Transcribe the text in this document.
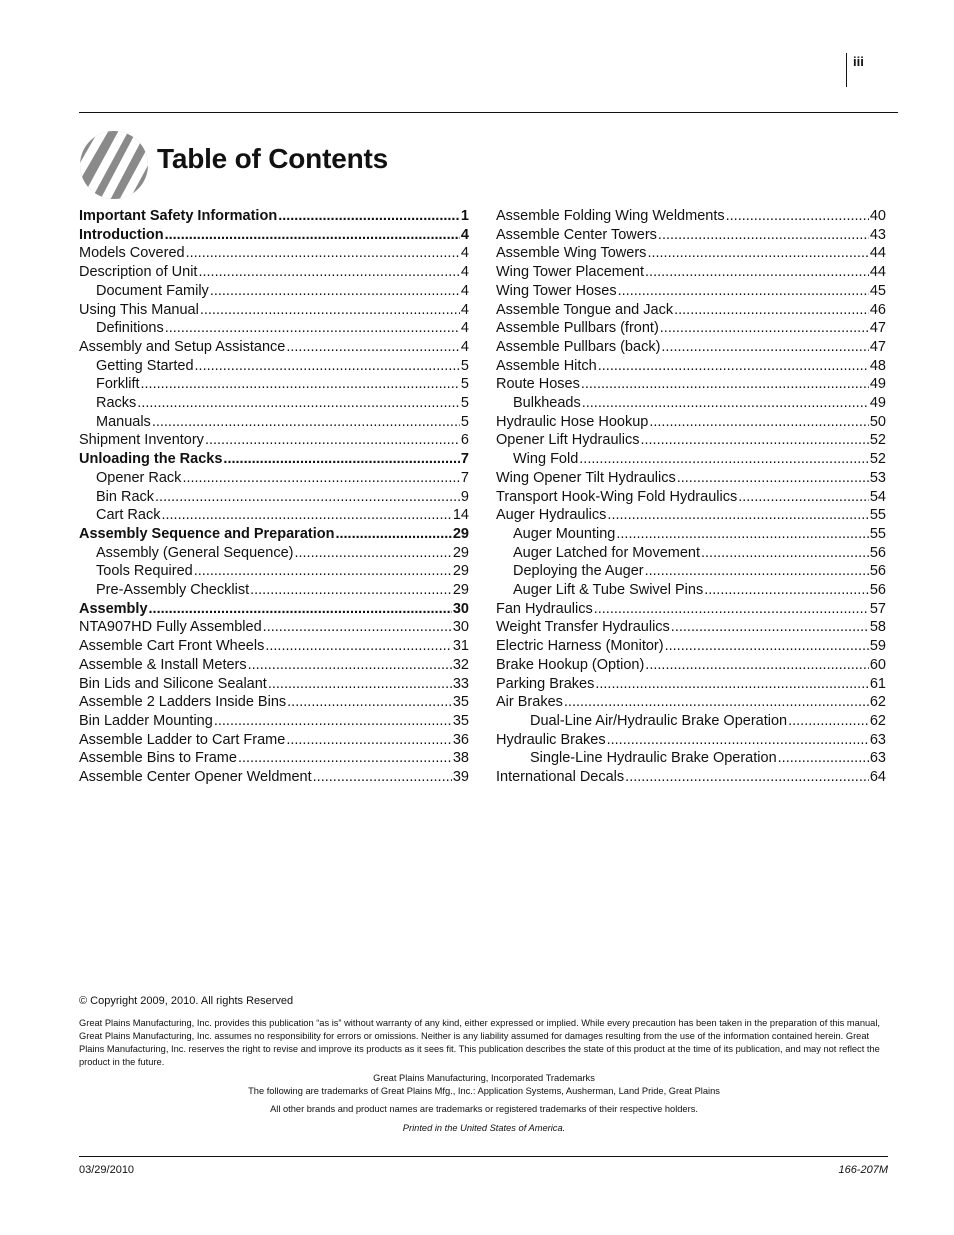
iii
Table of Contents
Important Safety Information .....	1
Introduction .....	4
Models Covered .....	4
Description of Unit .....	4
Document Family .....	4
Using This Manual .....	4
Definitions .....	4
Assembly and Setup Assistance .....	4
Getting Started .....	5
Forklift .....	5
Racks .....	5
Manuals .....	5
Shipment Inventory .....	6
Unloading the Racks .....	7
Opener Rack .....	7
Bin Rack .....	9
Cart Rack .....	14
Assembly Sequence and Preparation .....	29
Assembly (General Sequence) .....	29
Tools Required .....	29
Pre-Assembly Checklist .....	29
Assembly .....	30
NTA907HD Fully Assembled .....	30
Assemble Cart Front Wheels .....	31
Assemble & Install Meters .....	32
Bin Lids and Silicone Sealant .....	33
Assemble 2 Ladders Inside Bins .....	35
Bin Ladder Mounting .....	35
Assemble Ladder to Cart Frame .....	36
Assemble Bins to Frame .....	38
Assemble Center Opener Weldment .....	39
Assemble Folding Wing Weldments .....	40
Assemble Center Towers .....	43
Assemble Wing Towers .....	44
Wing Tower Placement .....	44
Wing Tower Hoses .....	45
Assemble Tongue and Jack .....	46
Assemble Pullbars (front) .....	47
Assemble Pullbars (back) .....	47
Assemble Hitch .....	48
Route Hoses .....	49
Bulkheads .....	49
Hydraulic Hose Hookup .....	50
Opener Lift Hydraulics .....	52
Wing Fold .....	52
Wing Opener Tilt Hydraulics .....	53
Transport Hook-Wing Fold Hydraulics .....	54
Auger Hydraulics .....	55
Auger Mounting .....	55
Auger Latched for Movement .....	56
Deploying the Auger .....	56
Auger Lift & Tube Swivel Pins .....	56
Fan Hydraulics .....	57
Weight Transfer Hydraulics .....	58
Electric Harness (Monitor) .....	59
Brake Hookup (Option) .....	60
Parking Brakes .....	61
Air Brakes .....	62
Dual-Line Air/Hydraulic Brake Operation .....	62
Hydraulic Brakes .....	63
Single-Line Hydraulic Brake Operation .....	63
International Decals .....	64
© Copyright 2009, 2010. All rights Reserved
Great Plains Manufacturing, Inc. provides this publication “as is” without warranty of any kind, either expressed or implied. While every precaution has been taken in the preparation of this manual, Great Plains Manufacturing, Inc. assumes no responsibility for errors or omissions. Neither is any liability assumed for damages resulting from the use of the information contained herein. Great Plains Manufacturing, Inc. reserves the right to revise and improve its products as it sees fit. This publication describes the state of this product at the time of its publication, and may not reflect the product in the future.
Great Plains Manufacturing, Incorporated Trademarks
The following are trademarks of Great Plains Mfg., Inc.: Application Systems, Ausherman, Land Pride, Great Plains
All other brands and product names are trademarks or registered trademarks of their respective holders.
Printed in the United States of America.
03/29/2010	166-207M
